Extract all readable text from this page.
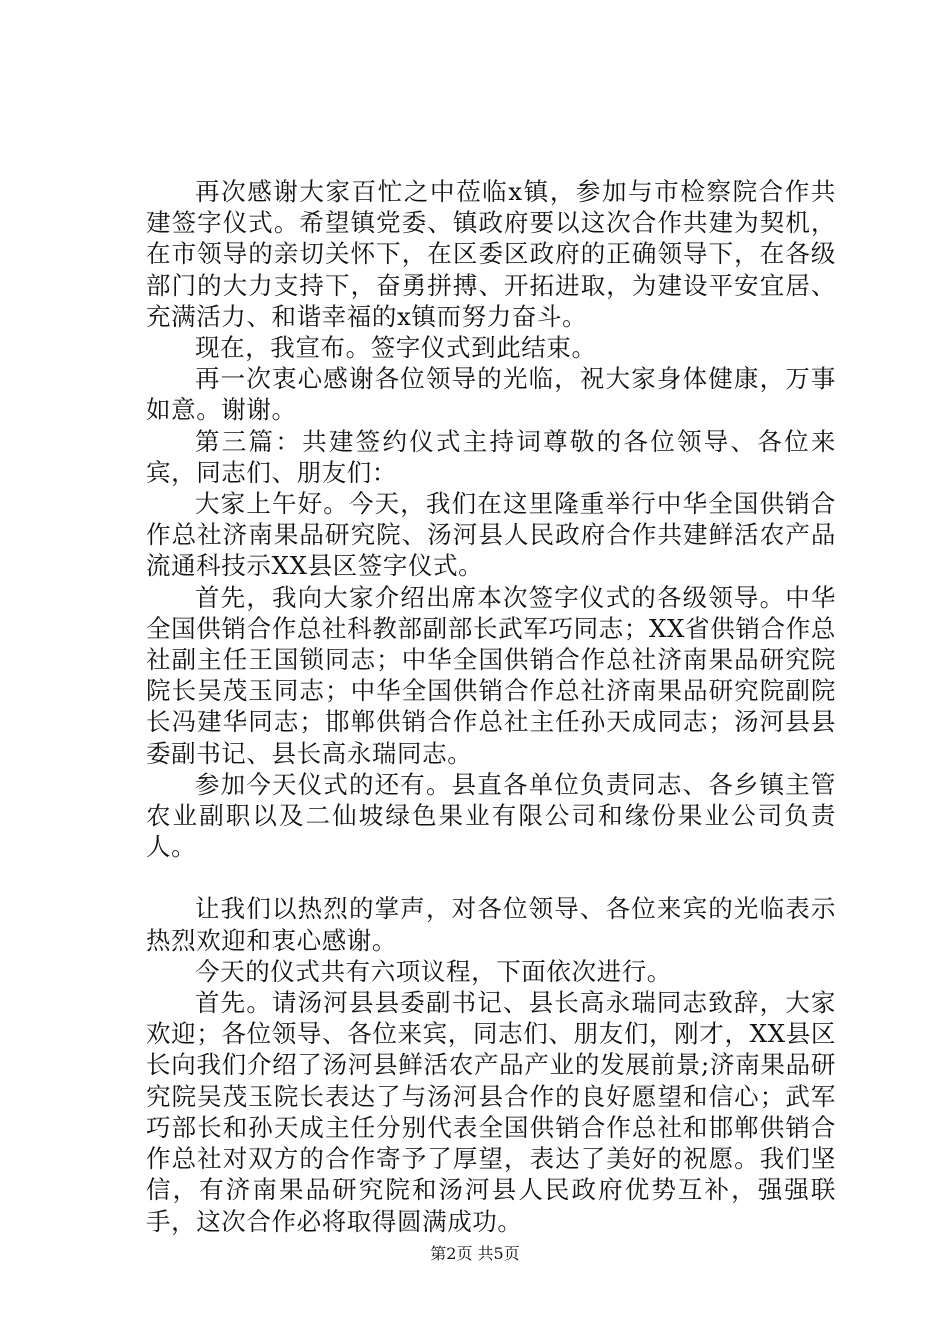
再次感谢大家百忙之中莅临x镇，参加与市检察院合作共建签字仪式。希望镇党委、镇政府要以这次合作共建为契机，在市领导的亲切关怀下，在区委区政府的正确领导下，在各级部门的大力支持下，奋勇拼搏、开拓进取，为建设平安宜居、充满活力、和谐幸福的x镇而努力奋斗。

现在，我宣布。签字仪式到此结束。

再一次衷心感谢各位领导的光临，祝大家身体健康，万事如意。谢谢。

第三篇：共建签约仪式主持词尊敬的各位领导、各位来宾，同志们、朋友们：

大家上午好。今天，我们在这里隆重举行中华全国供销合作总社济南果品研究院、汤河县人民政府合作共建鲜活农产品流通科技示XX县区签字仪式。

首先，我向大家介绍出席本次签字仪式的各级领导。中华全国供销合作总社科教部副部长武军巧同志；XX省供销合作总社副主任王国锁同志；中华全国供销合作总社济南果品研究院院长吴茂玉同志；中华全国供销合作总社济南果品研究院副院长冯建华同志；邯郸供销合作总社主任孙天成同志；汤河县县委副书记、县长高永瑞同志。

参加今天仪式的还有。县直各单位负责同志、各乡镇主管农业副职以及二仙坡绿色果业有限公司和缘份果业公司负责人。

让我们以热烈的掌声，对各位领导、各位来宾的光临表示热烈欢迎和衷心感谢。

今天的仪式共有六项议程，下面依次进行。

首先。请汤河县县委副书记、县长高永瑞同志致辞，大家欢迎；各位领导、各位来宾，同志们、朋友们，刚才，XX县区长向我们介绍了汤河县鲜活农产品产业的发展前景;济南果品研究院吴茂玉院长表达了与汤河县合作的良好愿望和信心；武军巧部长和孙天成主任分别代表全国供销合作总社和邯郸供销合作总社对双方的合作寄予了厚望，表达了美好的祝愿。我们坚信，有济南果品研究院和汤河县人民政府优势互补，强强联手，这次合作必将取得圆满成功。

第2页 共5页
